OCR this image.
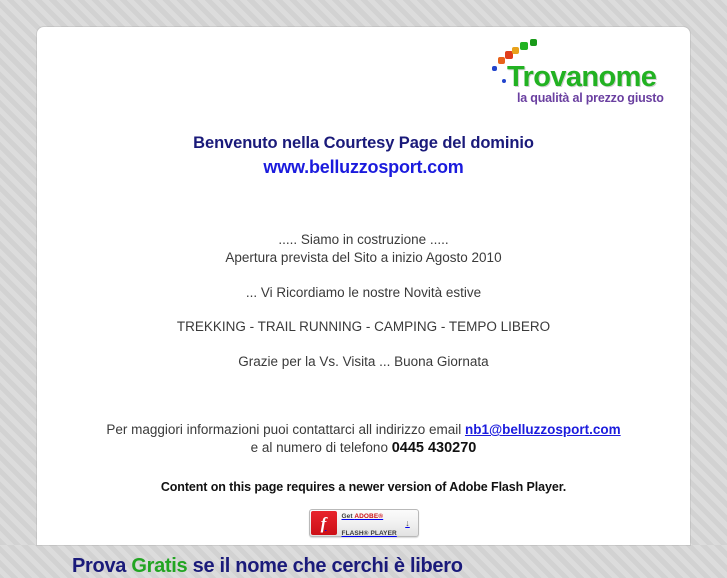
Trovanome
la qualità al prezzo giusto
Benvenuto nella Courtesy Page del dominio
www.belluzzosport.com
..... Siamo in costruzione .....
Apertura prevista del Sito a inizio Agosto 2010
... Vi Ricordiamo le nostre Novità estive
TREKKING - TRAIL RUNNING - CAMPING - TEMPO LIBERO
Grazie per la Vs. Visita ... Buona Giornata
Per maggiori informazioni puoi contattarci all indirizzo email nb1@belluzzosport.com
e al numero di telefono 0445 430270
Content on this page requires a newer version of Adobe Flash Player.
f Get ADOBE® FLASH® PLAYER
↓
Prova Gratis se il nome che cerchi è libero
